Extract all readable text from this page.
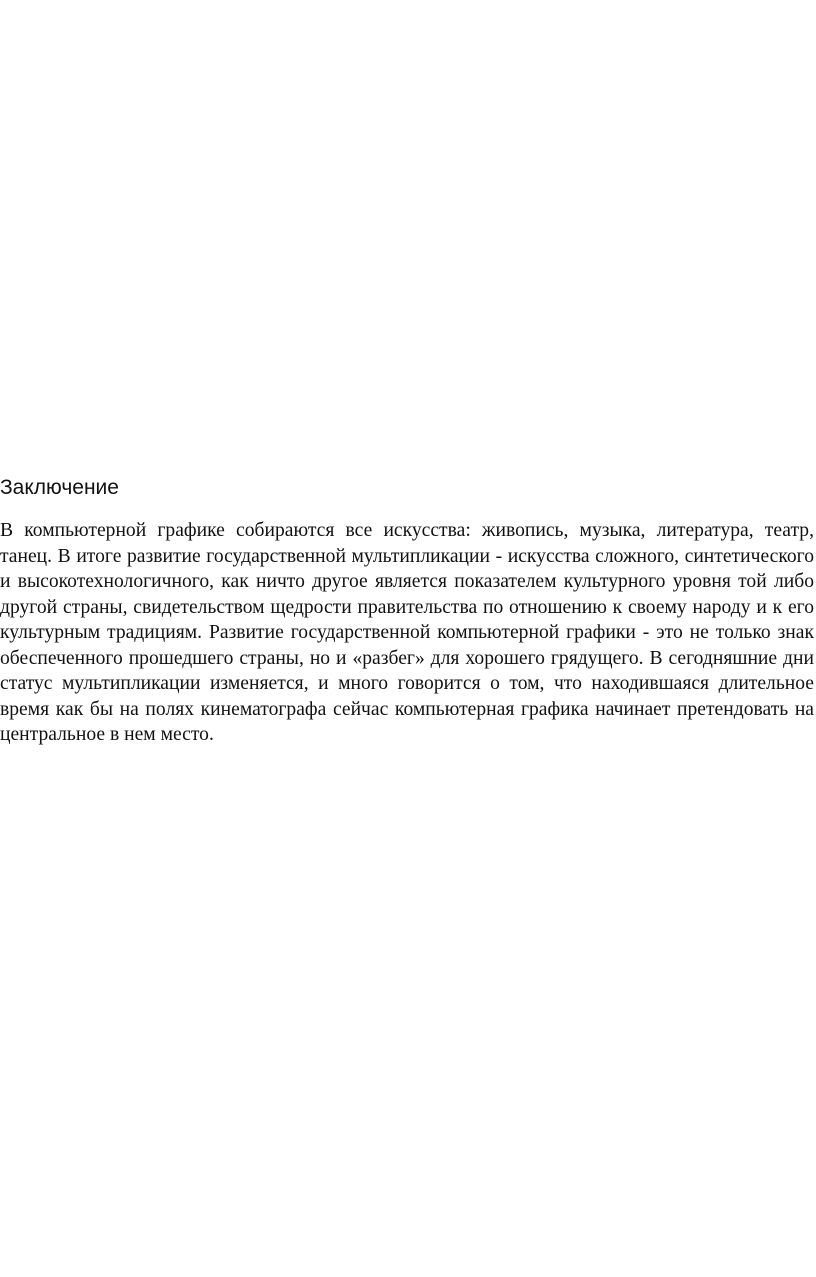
Заключение

В компьютерной графике собираются все искусства: живопись, музыка, литература, театр, танец. В итоге развитие государственной мультипликации - искусства сложного, синтетического и высокотехнологичного, как ничто другое является показателем культурного уровня той либо другой страны, свидетельством щедрости правительства по отношению к своему народу и к его культурным традициям. Развитие государственной компьютерной графики - это не только знак обеспеченного прошедшего страны, но и «разбег» для хорошего грядущего. В сегодняшние дни статус мультипликации изменяется, и много говорится о том, что находившаяся длительное время как бы на полях кинематографа сейчас компьютерная графика начинает претендовать на центральное в нем место.
